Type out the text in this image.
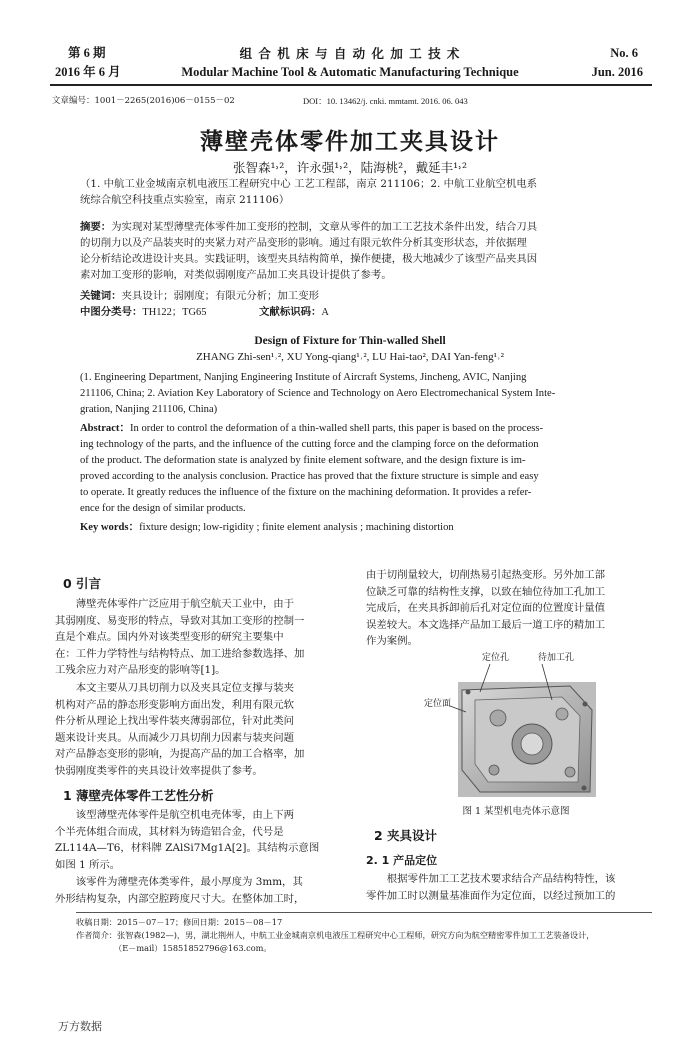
第 6 期
2016 年 6 月
组 合 机 床 与 自 动 化 加 工 技 术
Modular Machine Tool & Automatic Manufacturing Technique
No. 6
Jun. 2016
文章编号：1001－2265(2016)06－0155－02	DOI：10. 13462/j. cnki. mmtamt. 2016. 06. 043
薄壁壳体零件加工夹具设计
张智森¹˒²，许永强¹˒²，陆海桃²，戴延丰¹˒²
（1. 中航工业金城南京机电液压工程研究中心 工艺工程部，南京 211106；2. 中航工业航空机电系
统综合航空科技重点实验室，南京 211106）
摘要：为实现对某型薄壁壳体零件加工变形的控制，文章从零件的加工工艺技术条件出发，结合刀具
的切削力以及产品装夹时的夹紧力对产品变形的影响。通过有限元软件分析其变形状态，并依据理
论分析结论改进设计夹具。实践证明，该型夹具结构简单，操作便捷，极大地减少了该型产品夹具因
素对加工变形的影响，对类似弱刚度产品加工夹具设计提供了参考。
关键词：夹具设计；弱刚度；有限元分析；加工变形
中图分类号：TH122；TG65	文献标识码：A
Design of Fixture for Thin-walled Shell
ZHANG Zhi-sen¹˒², XU Yong-qiang¹˒², LU Hai-tao², DAI Yan-feng¹˒²
(1. Engineering Department, Nanjing Engineering Institute of Aircraft Systems, Jincheng, AVIC, Nanjing
211106, China; 2. Aviation Key Laboratory of Science and Technology on Aero Electromechanical System Inte-
gration, Nanjing 211106, China)
Abstract：In order to control the deformation of a thin-walled shell parts, this paper is based on the process-
ing technology of the parts, and the influence of the cutting force and the clamping force on the deformation
of the product. The deformation state is analyzed by finite element software, and the design fixture is im-
proved according to the analysis conclusion. Practice has proved that the fixture structure is simple and easy
to operate. It greatly reduces the influence of the fixture on the machining deformation. It provides a refer-
ence for the design of similar products.
Key words：fixture design; low-rigidity ; finite element analysis ; machining distortion
0 引言
薄壁壳体零件广泛应用于航空航天工业中，由于
其弱刚度、易变形的特点，导致对其加工变形的控制一
直是个难点。国内外对该类型变形的研究主要集中
在：工件力学特性与结构特点、加工进给参数选择、加
工残余应力对产品形变的影响等[1]。
本文主要从刀具切削力以及夹具定位支撑与装夹
机构对产品的静态形变影响方面出发，利用有限元软
件分析从理论上找出零件装夹薄弱部位，针对此类问
题来设计夹具。从而减少刀具切削力因素与装夹问题
对产品静态变形的影响，为提高产品的加工合格率，加
快弱刚度类零件的夹具设计效率提供了参考。
1 薄壁壳体零件工艺性分析
该型薄壁壳体零件是航空机电壳体零，由上下两
个半壳体组合而成，其材料为铸造铝合金，代号是
ZL114A—T6，材料牌 ZAlSi7Mg1A[2]。其结构示意图
如图 1 所示。
该零件为薄壁壳体类零件，最小厚度为 3mm，其
外形结构复杂，内部空腔跨度尺寸大。在整体加工时，
由于切削量较大，切削热易引起热变形。另外加工部
位缺乏可靠的结构性支撑，以致在轴位待加工孔加工
完成后，在夹具拆卸前后孔对定位面的位置度计量值
误差较大。本文选择产品加工最后一道工序的精加工
作为案例。
定位孔	待加工孔
定位面
图 1 某型机电壳体示意图
2 夹具设计
2. 1 产品定位
根据零件加工工艺技术要求结合产品结构特性，该
零件加工时以测量基准面作为定位面，以经过预加工的
收稿日期：2015－07－17；修回日期：2015－08－17
作者简介：张智森(1982—)，男，湖北荆州人，中航工业金城南京机电液压工程研究中心工程师，研究方向为航空精密零件加工工艺装备设计，
（E－mail）15851852796@163.com。
万方数据
